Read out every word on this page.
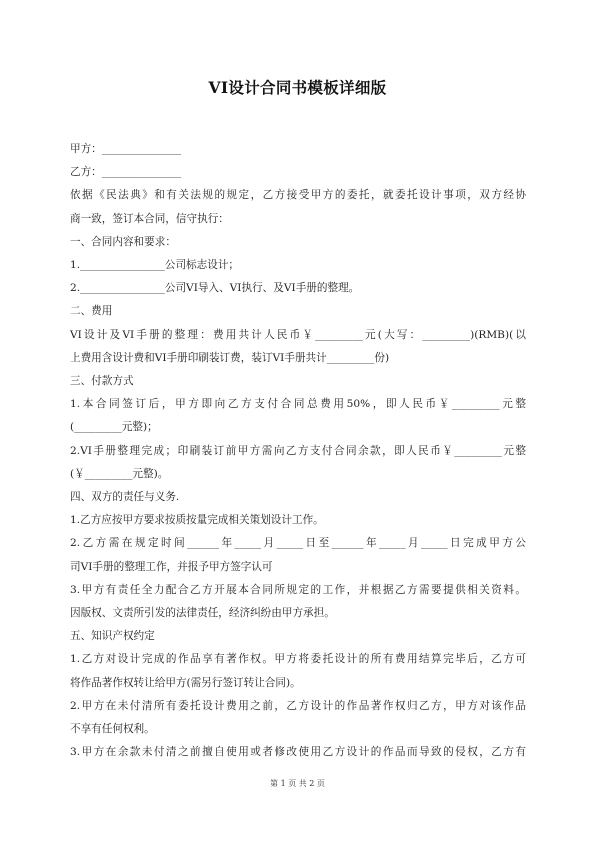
VI设计合同书模板详细版
甲方：_______________
乙方：_______________
依据《民法典》和有关法规的规定，乙方接受甲方的委托，就委托设计事项，双方经协
商一致，签订本合同，信守执行：
一、合同内容和要求：
1.________________公司标志设计；
2.________________公司VI导入、VI执行、及VI手册的整理。
二、费用
VI设计及VI手册的整理：费用共计人民币￥_________元(大写：_________)(RMB)(以
上费用含设计费和VI手册印刷装订费，装订VI手册共计_________份)
三、付款方式
1.本合同签订后，甲方即向乙方支付合同总费用50%，即人民币￥_________元整
(_________元整)；
2.VI手册整理完成；印刷装订前甲方需向乙方支付合同余款，即人民币￥_________元整
(￥_________元整)。
四、双方的责任与义务.
1.乙方应按甲方要求按质按量完成相关策划设计工作。
2.乙方需在规定时间______年_____月_____日至______年_____月_____日完成甲方公
司VI手册的整理工作，并报予甲方签字认可
3.甲方有责任全力配合乙方开展本合同所规定的工作，并根据乙方需要提供相关资料。
因版权、文责所引发的法律责任，经济纠纷由甲方承担。
五、知识产权约定
1.乙方对设计完成的作品享有著作权。甲方将委托设计的所有费用结算完毕后，乙方可
将作品著作权转让给甲方(需另行签订转让合同)。
2.甲方在未付清所有委托设计费用之前，乙方设计的作品著作权归乙方，甲方对该作品
不享有任何权利。
3.甲方在余款未付清之前擅自使用或者修改使用乙方设计的作品而导致的侵权，乙方有
第 1 页 共 2 页
